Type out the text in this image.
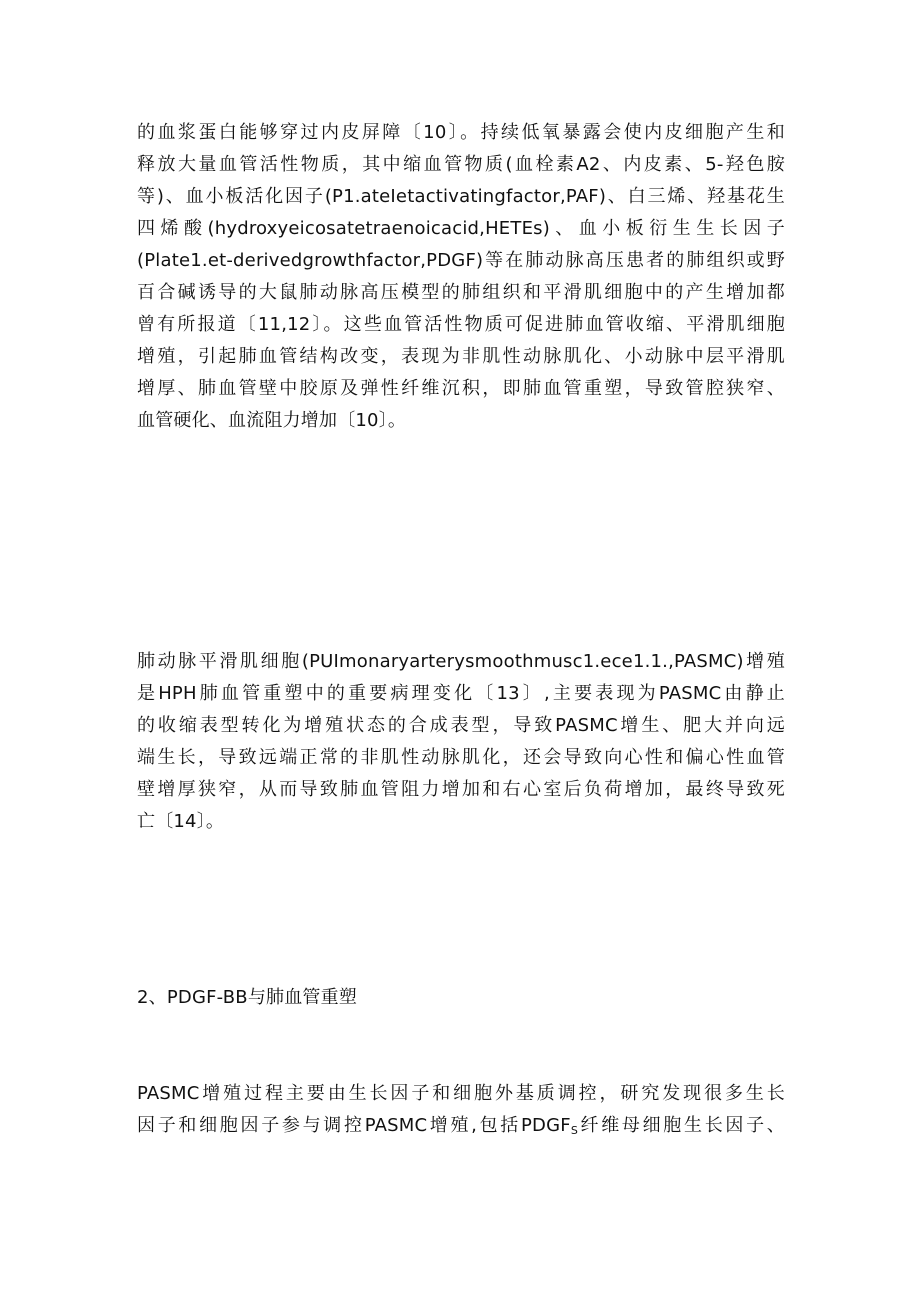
的血浆蛋白能够穿过内皮屏障〔10〕。持续低氧暴露会使内皮细胞产生和
释放大量血管活性物质，其中缩血管物质(血栓素A2、内皮素、5-羟色胺
等)、血小板活化因子(P1.ateIetactivatingfactor,PAF)、白三烯、羟基花生
四烯酸(hydroxyeicosatetraenoicacid,HETEs)、血小板衍生生长因子
(Plate1.et-derivedgrowthfactor,PDGF)等在肺动脉高压患者的肺组织或野
百合碱诱导的大鼠肺动脉高压模型的肺组织和平滑肌细胞中的产生增加都
曾有所报道〔11,12〕。这些血管活性物质可促进肺血管收缩、平滑肌细胞
增殖，引起肺血管结构改变，表现为非肌性动脉肌化、小动脉中层平滑肌
增厚、肺血管壁中胶原及弹性纤维沉积，即肺血管重塑，导致管腔狭窄、
血管硬化、血流阻力增加〔10〕。
肺动脉平滑肌细胞(PUImonaryarterysmoothmusc1.ece1.1.,PASMC)增殖
是HPH肺血管重塑中的重要病理变化〔13〕,主要表现为PASMC由静止
的收缩表型转化为增殖状态的合成表型，导致PASMC增生、肥大并向远
端生长，导致远端正常的非肌性动脉肌化，还会导致向心性和偏心性血管
壁增厚狭窄，从而导致肺血管阻力增加和右心室后负荷增加，最终导致死
亡〔14〕。
2、PDGF-BB与肺血管重塑
PASMC增殖过程主要由生长因子和细胞外基质调控，研究发现很多生长
因子和细胞因子参与调控PASMC增殖,包括$PDGF_S$纤维母细胞生长因子、
